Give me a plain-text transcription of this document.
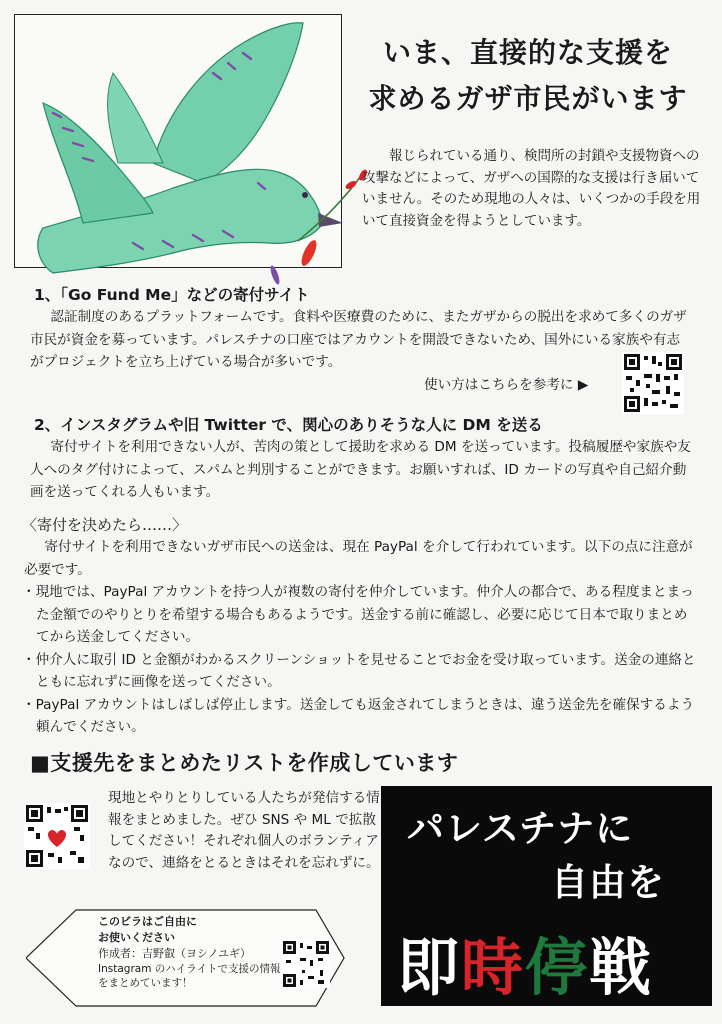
いま、直接的な支援を
求めるガザ市民がいます
報じられている通り、検問所の封鎖や支援物資への攻撃などによって、ガザへの国際的な支援は行き届いていません。そのため現地の人々は、いくつかの手段を用いて直接資金を得ようとしています。
1、「Go Fund Me」などの寄付サイト
認証制度のあるプラットフォームです。食料や医療費のために、またガザからの脱出を求めて多くのガザ市民が資金を募っています。パレスチナの口座ではアカウントを開設できないため、国外にいる家族や有志がプロジェクトを立ち上げている場合が多いです。
使い方はこちらを参考に ▶
2、インスタグラムや旧 Twitter で、関心のありそうな人に DM を送る
寄付サイトを利用できない人が、苦肉の策として援助を求める DM を送っています。投稿履歴や家族や友人へのタグ付けによって、スパムと判別することができます。お願いすれば、ID カードの写真や自己紹介動画を送ってくれる人もいます。
〈寄付を決めたら……〉
寄付サイトを利用できないガザ市民への送金は、現在 PayPal を介して行われています。以下の点に注意が必要です。
・現地では、PayPal アカウントを持つ人が複数の寄付を仲介しています。仲介人の都合で、ある程度まとまった金額でのやりとりを希望する場合もあるようです。送金する前に確認し、必要に応じて日本で取りまとめてから送金してください。
・仲介人に取引 ID と金額がわかるスクリーンショットを見せることでお金を受け取っています。送金の連絡とともに忘れずに画像を送ってください。
・PayPal アカウントはしばしば停止します。送金しても返金されてしまうときは、違う送金先を確保するよう頼んでください。
■支援先をまとめたリストを作成しています
現地とやりとりしている人たちが発信する情報をまとめました。ぜひ SNS や ML で拡散してください！それぞれ個人のボランティアなので、連絡をとるときはそれを忘れずに。
このビラはご自由に
お使いください
作成者：吉野叡（ヨシノユギ）
Instagram のハイライトで支援の情報をまとめています！
パレスチナに
自由を
即時停戦
